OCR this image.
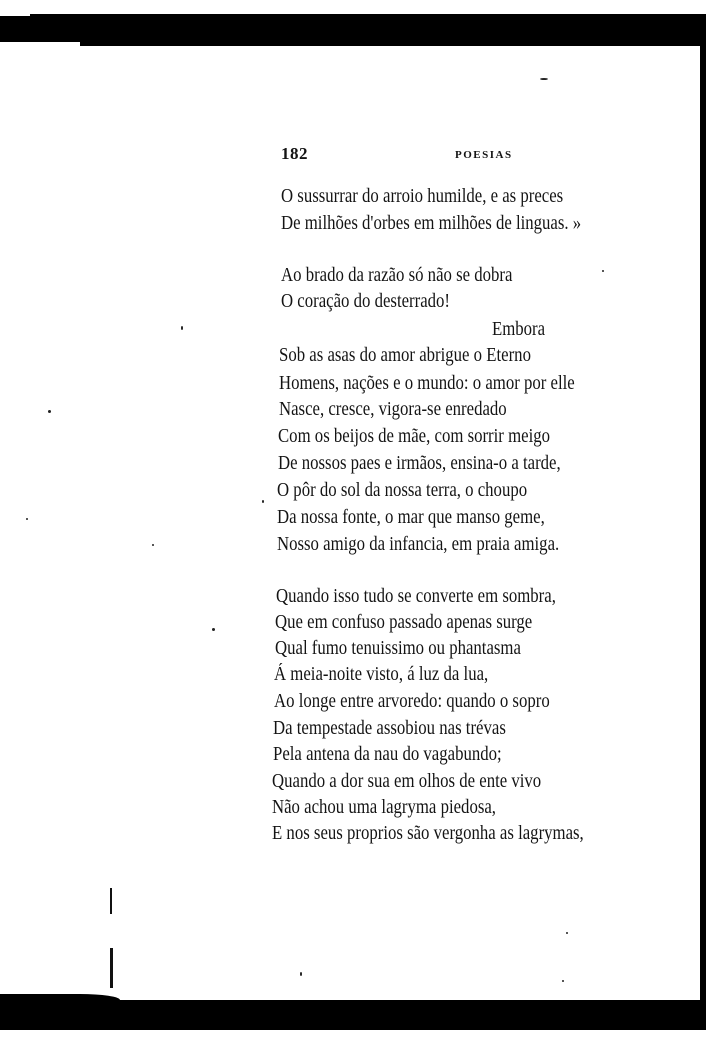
182	POESIAS
O sussurrar do arroio humilde, e as preces
De milhões d'orbes em milhões de linguas. »
Ao brado da razão só não se dobra
O coração do desterrado!
Embora
Sob as asas do amor abrigue o Eterno
Homens, nações e o mundo: o amor por elle
Nasce, cresce, vigora-se enredado
Com os beijos de mãe, com sorrir meigo
De nossos paes e irmãos, ensina-o a tarde,
O pôr do sol da nossa terra, o choupo
Da nossa fonte, o mar que manso geme,
Nosso amigo da infancia, em praia amiga.
Quando isso tudo se converte em sombra,
Que em confuso passado apenas surge
Qual fumo tenuissimo ou phantasma
Á meia-noite visto, á luz da lua,
Ao longe entre arvoredo: quando o sopro
Da tempestade assobiou nas trévas
Pela antena da nau do vagabundo;
Quando a dor sua em olhos de ente vivo
Não achou uma lagryma piedosa,
E nos seus proprios são vergonha as lagrymas,
